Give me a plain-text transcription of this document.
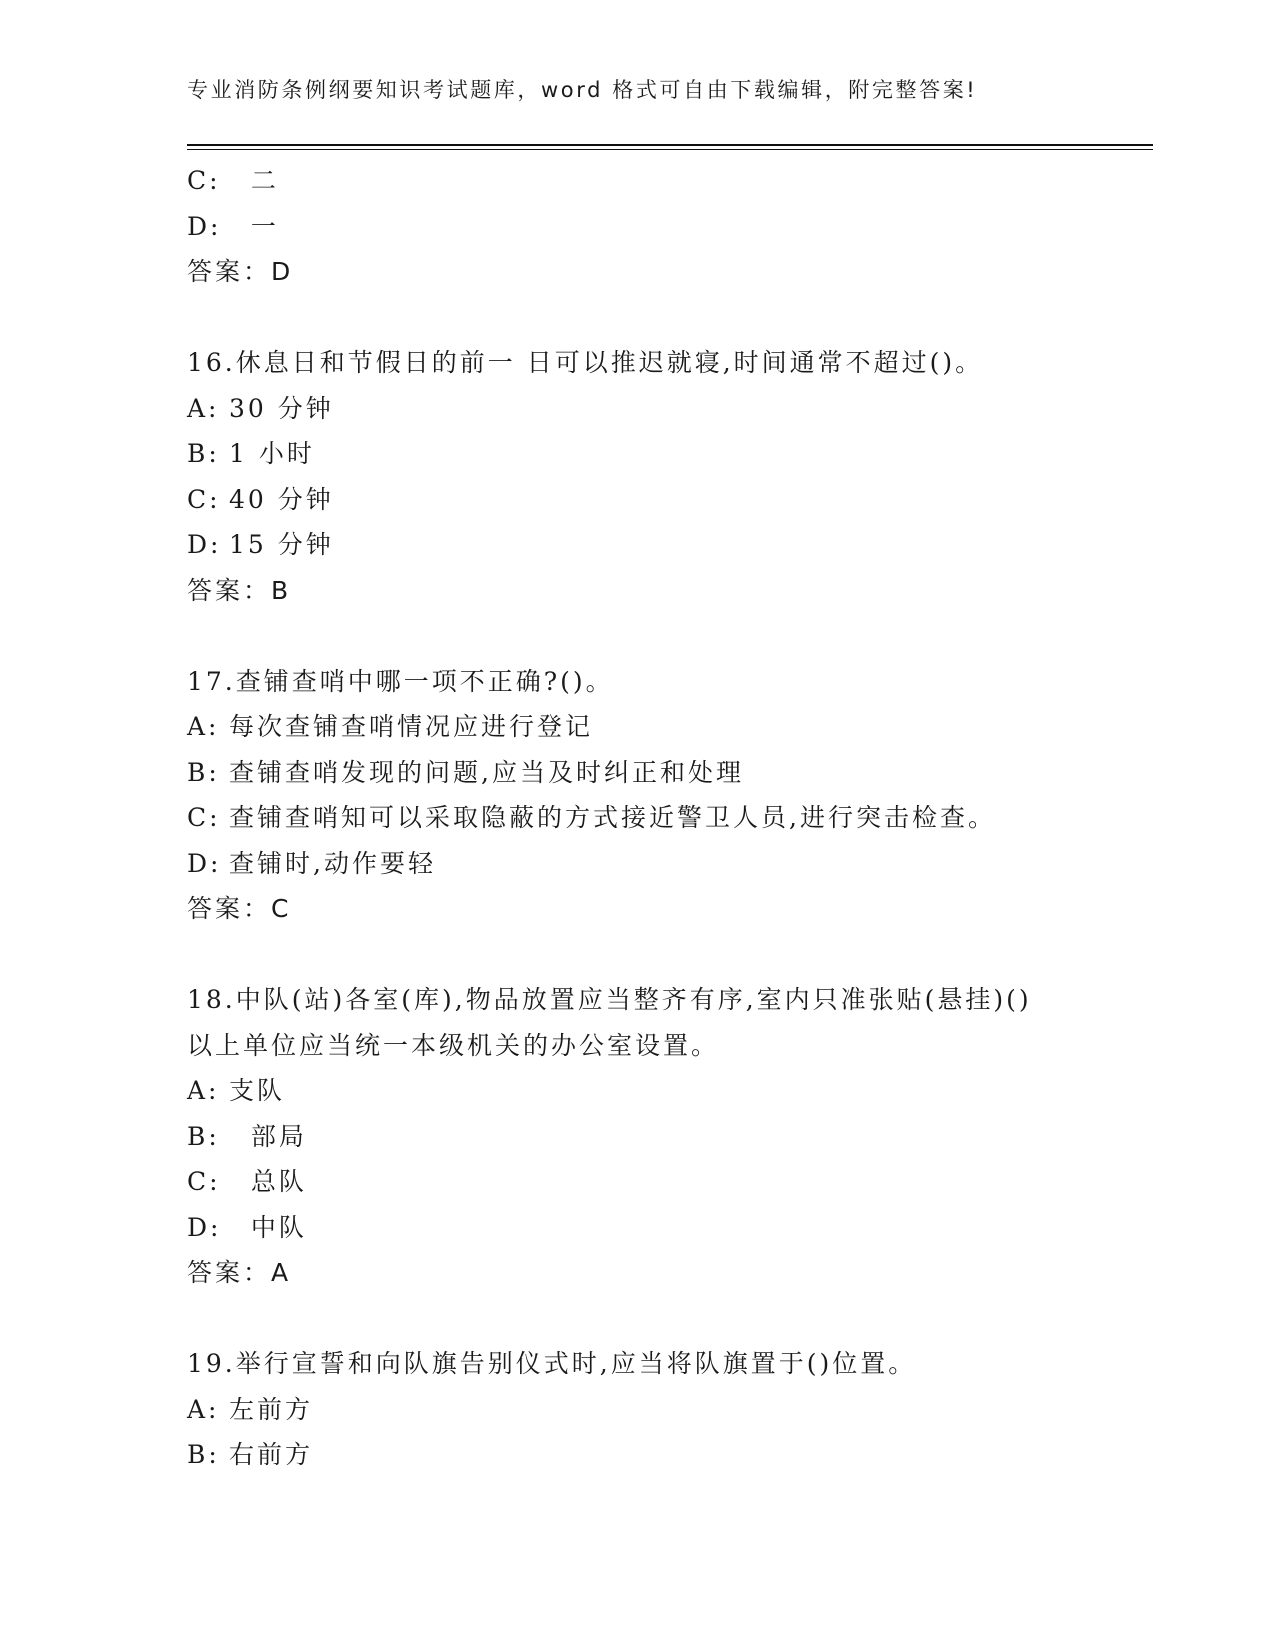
专业消防条例纲要知识考试题库，word 格式可自由下载编辑，附完整答案!
C:  二
D:  一
答案：D
16.休息日和节假日的前一 日可以推迟就寝,时间通常不超过()。
A: 30 分钟
B: 1 小时
C: 40 分钟
D: 15 分钟
答案：B
17.查铺查哨中哪一项不正确?()。
A: 每次查铺查哨情况应进行登记
B: 查铺查哨发现的问题,应当及时纠正和处理
C: 查铺查哨知可以采取隐蔽的方式接近警卫人员,进行突击检查。
D: 查铺时,动作要轻
答案：C
18.中队(站)各室(库),物品放置应当整齐有序,室内只准张贴(悬挂)()
以上单位应当统一本级机关的办公室设置。
A: 支队
B:  部局
C:  总队
D:  中队
答案：A
19.举行宣誓和向队旗告别仪式时,应当将队旗置于()位置。
A: 左前方
B: 右前方
